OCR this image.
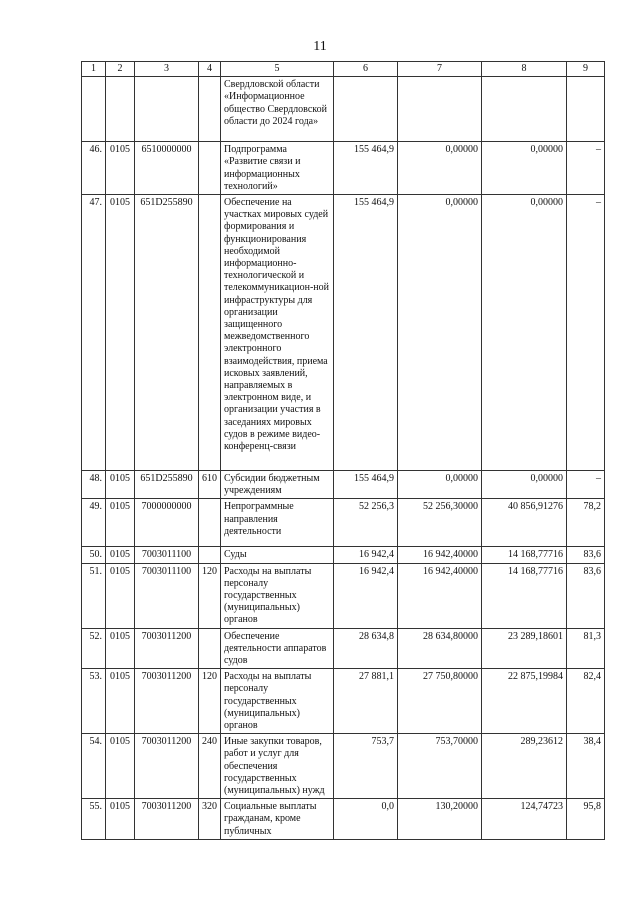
11
1	2	3	4	5	6	7	8	9
				Свердловской области «Информационное общество Свердловской области до 2024 года»				
46.	0105	6510000000		Подпрограмма «Развитие связи и информационных технологий»	155 464,9	0,00000	0,00000	–
47.	0105	651D255890		Обеспечение на участках мировых судей формирования и функционирования необходимой информационно-технологической и телекоммуникацион-ной инфраструктуры для организации защищенного межведомственного электронного взаимодействия, приема исковых заявлений, направляемых в электронном виде, и организации участия в заседаниях мировых судов в режиме видео-конференц-связи	155 464,9	0,00000	0,00000	–
48.	0105	651D255890	610	Субсидии бюджетным учреждениям	155 464,9	0,00000	0,00000	–
49.	0105	7000000000		Непрограммные направления деятельности	52 256,3	52 256,30000	40 856,91276	78,2
50.	0105	7003011100		Суды	16 942,4	16 942,40000	14 168,77716	83,6
51.	0105	7003011100	120	Расходы на выплаты персоналу государственных (муниципальных) органов	16 942,4	16 942,40000	14 168,77716	83,6
52.	0105	7003011200		Обеспечение деятельности аппаратов судов	28 634,8	28 634,80000	23 289,18601	81,3
53.	0105	7003011200	120	Расходы на выплаты персоналу государственных (муниципальных) органов	27 881,1	27 750,80000	22 875,19984	82,4
54.	0105	7003011200	240	Иные закупки товаров, работ и услуг для обеспечения государственных (муниципальных) нужд	753,7	753,70000	289,23612	38,4
55.	0105	7003011200	320	Социальные выплаты гражданам, кроме публичных	0,0	130,20000	124,74723	95,8
